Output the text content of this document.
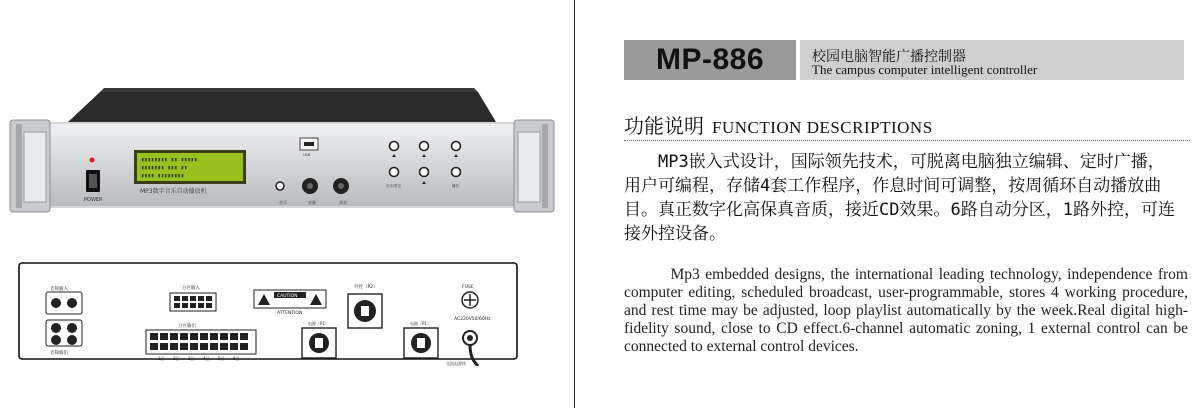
POWER
▮▮▮▮▮▮▮▮ ▮▮ ▮▮▮▮▮
▮▮▮▮▮▮▮ ▮▮▮ ▮▮
▮▮▮▮ ▮▮▮▮▮▮▮▮
MP3数字音乐自动播放机
USB
音乐	音量	高音
音乐/暂定	播放
音频输入
音频输出
分区输入
分区输出
1区 2区 3区 4区 5区 6区
CAUTION
ATTENTION
外控（P2）
电源（P1）	电源（P1）
FUSE
AC220V50/60Hz
交流电源线
MP-886	校园电脑智能广播控制器
The campus computer intelligent controller
功能说明 FUNCTION DESCRIPTIONS
MP3嵌入式设计，国际领先技术，可脱离电脑独立编辑、定时广播，用户可编程，存储4套工作程序，作息时间可调整，按周循环自动播放曲目。真正数字化高保真音质，接近CD效果。6路自动分区，1路外控，可连接外控设备。
Mp3 embedded designs, the international leading technology, independence from computer editing, scheduled broadcast, user-programmable, stores 4 working procedure, and rest time may be adjusted, loop playlist automatically by the week.Real digital high-fidelity sound, close to CD effect.6-channel automatic zoning, 1 external control can be connected to external control devices.
